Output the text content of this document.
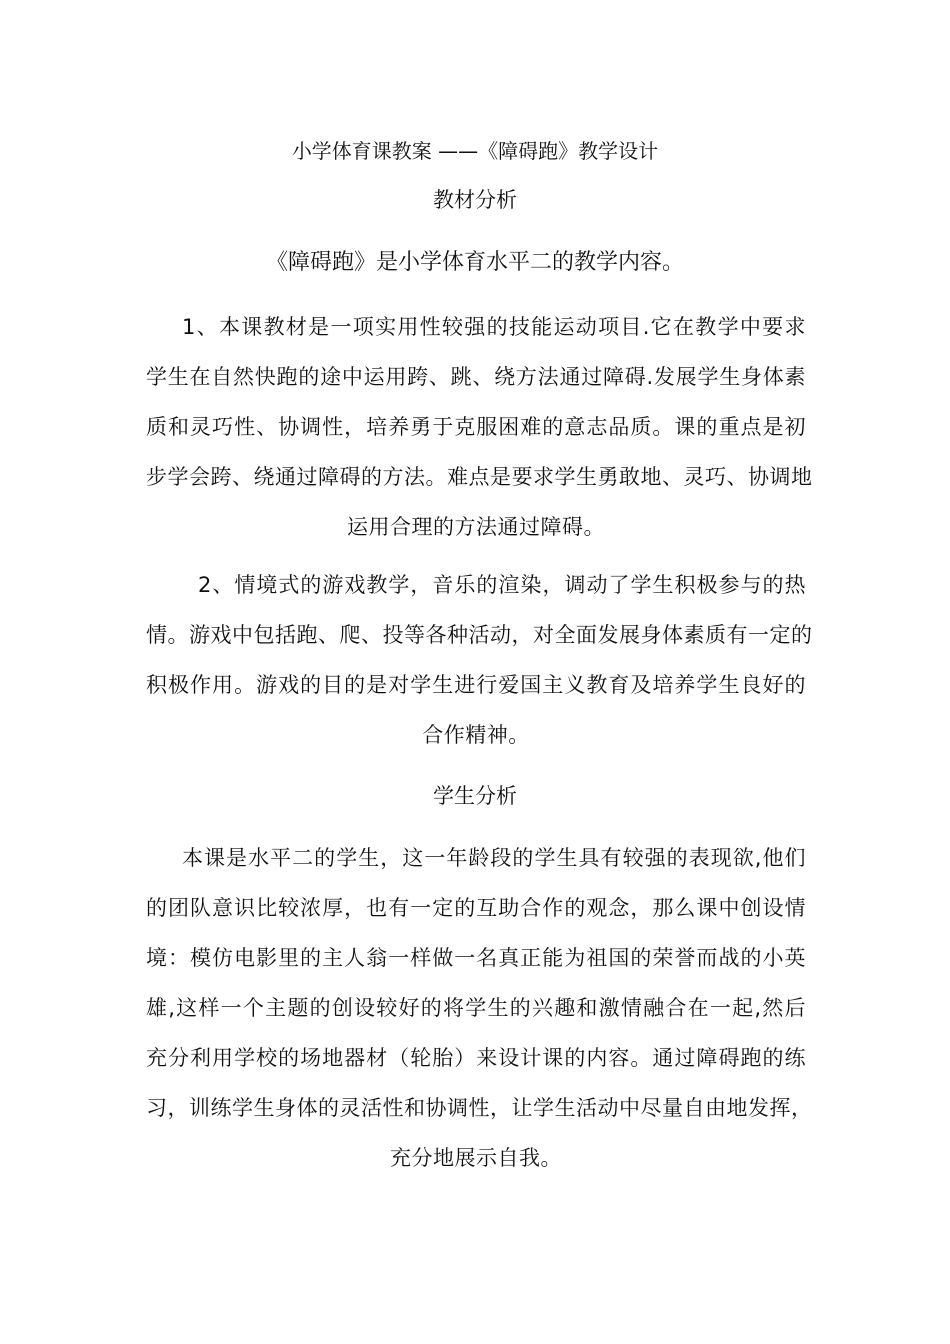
小学体育课教案 ——《障碍跑》教学设计
教材分析
《障碍跑》是小学体育水平二的教学内容。
1、本课教材是一项实用性较强的技能运动项目.它在教学中要求
学生在自然快跑的途中运用跨、跳、绕方法通过障碍.发展学生身体素
质和灵巧性、协调性，培养勇于克服困难的意志品质。课的重点是初
步学会跨、绕通过障碍的方法。难点是要求学生勇敢地、灵巧、协调地
运用合理的方法通过障碍。
2、情境式的游戏教学，音乐的渲染，调动了学生积极参与的热
情。游戏中包括跑、爬、投等各种活动，对全面发展身体素质有一定的
积极作用。游戏的目的是对学生进行爱国主义教育及培养学生良好的
合作精神。
学生分析
本课是水平二的学生，这一年龄段的学生具有较强的表现欲,他们
的团队意识比较浓厚，也有一定的互助合作的观念，那么课中创设情
境：模仿电影里的主人翁一样做一名真正能为祖国的荣誉而战的小英
雄,这样一个主题的创设较好的将学生的兴趣和激情融合在一起,然后
充分利用学校的场地器材（轮胎）来设计课的内容。通过障碍跑的练
习，训练学生身体的灵活性和协调性，让学生活动中尽量自由地发挥，
充分地展示自我。
